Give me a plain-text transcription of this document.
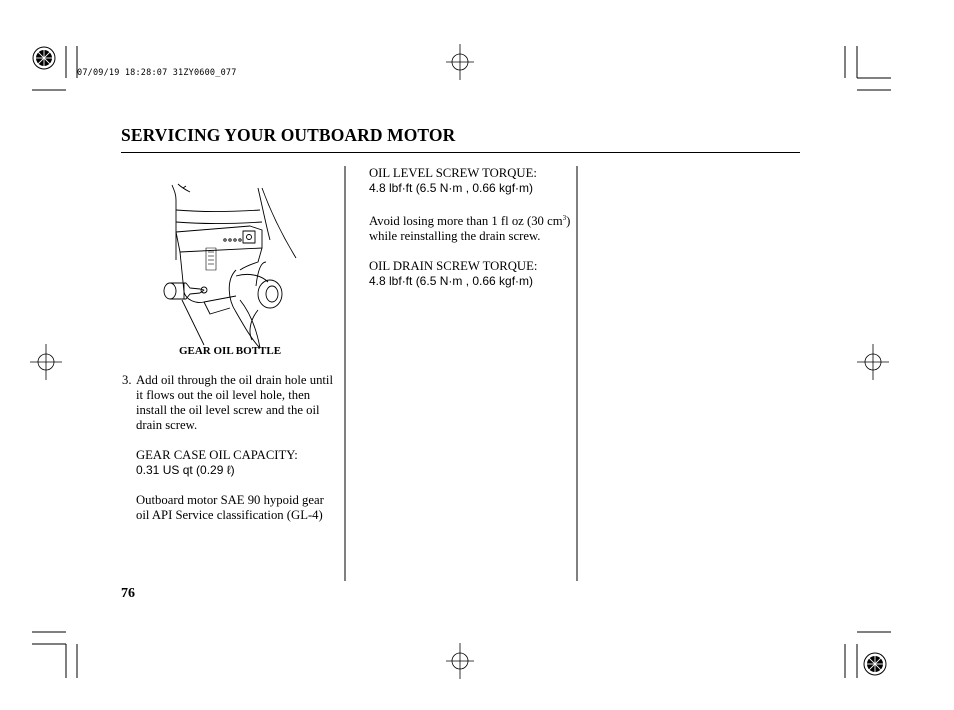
07/09/19 18:28:07 31ZY0600_077
SERVICING YOUR OUTBOARD MOTOR
GEAR OIL BOTTLE
3. Add oil through the oil drain hole until it flows out the oil level hole, then install the oil level screw and the oil drain screw.

GEAR CASE OIL CAPACITY:

0.31 US qt (0.29 ℓ)

Outboard motor SAE 90 hypoid gear oil API Service classification (GL-4)

OIL LEVEL SCREW TORQUE:

4.8 lbf·ft (6.5 N·m , 0.66 kgf·m)

Avoid losing more than 1 fl oz (30 $cm^3$) while reinstalling the drain screw.

OIL DRAIN SCREW TORQUE:

4.8 lbf·ft (6.5 N·m , 0.66 kgf·m)

76
